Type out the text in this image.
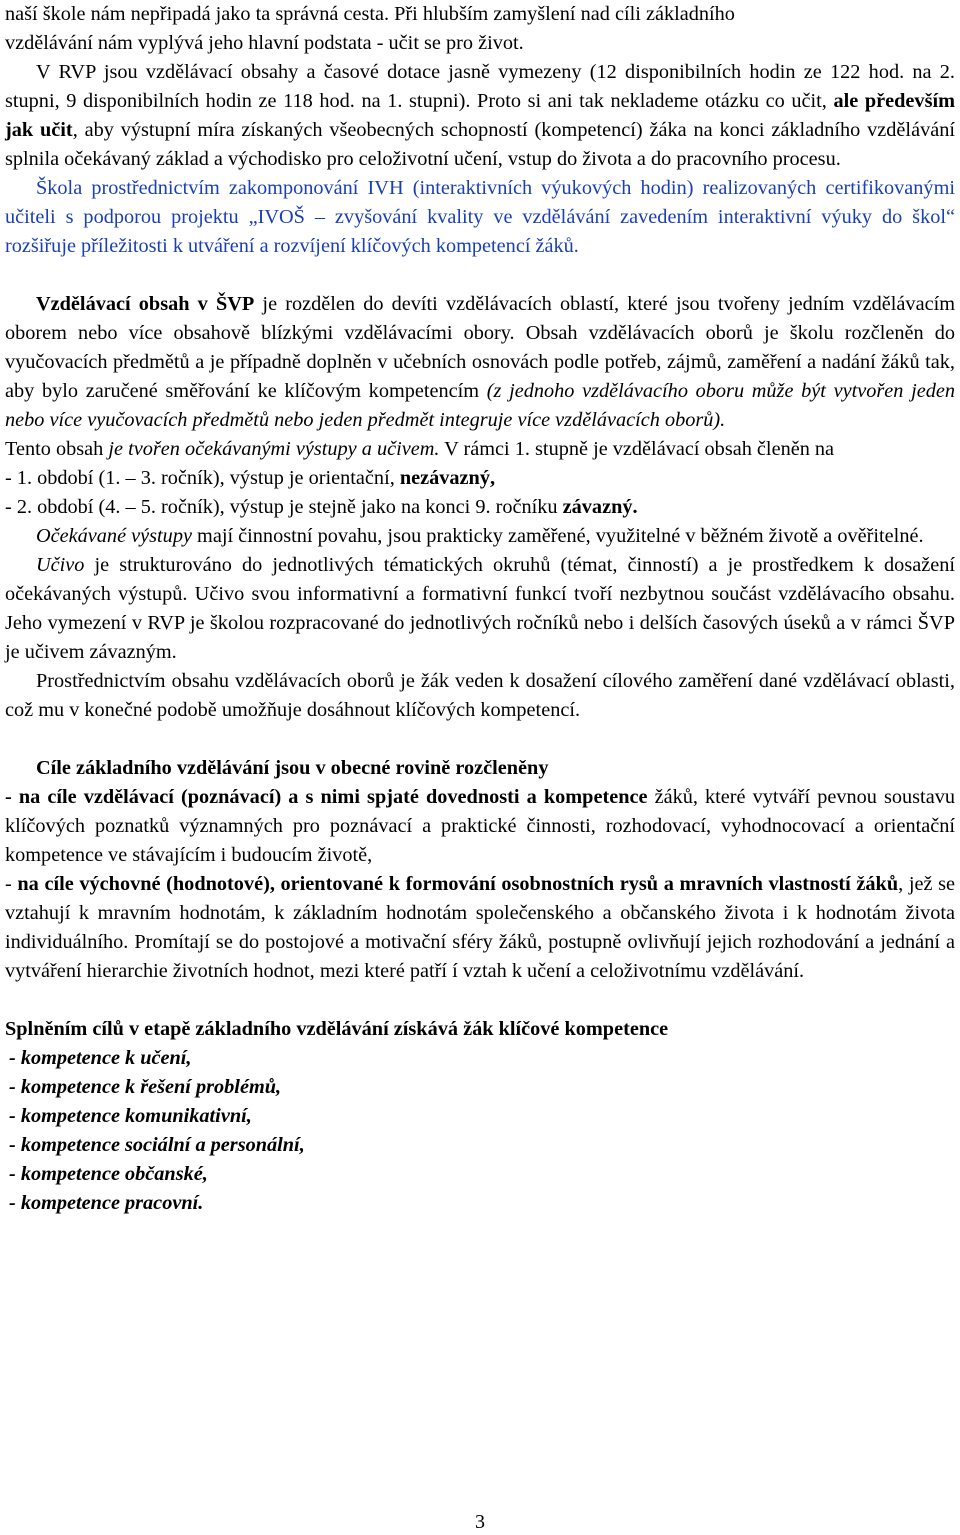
naší škole nám nepřipadá jako ta správná cesta. Při hlubším zamyšlení nad cíli základního

vzdělávání nám vyplývá jeho hlavní podstata - učit se pro život.

V RVP jsou vzdělávací obsahy a časové dotace jasně vymezeny (12 disponibilních hodin ze 122 hod. na 2. stupni, 9 disponibilních hodin ze 118 hod. na 1. stupni). Proto si ani tak neklademe otázku co učit, ale především jak učit, aby výstupní míra získaných všeobecných schopností (kompetencí) žáka na konci základního vzdělávání splnila očekávaný základ a východisko pro celoživotní učení, vstup do života a do pracovního procesu.

Škola prostřednictvím zakomponování IVH (interaktivních výukových hodin) realizovaných certifikovanými učiteli s podporou projektu „IVOŠ – zvyšování kvality ve vzdělávání zavedením interaktivní výuky do škol“ rozšiřuje příležitosti k utváření a rozvíjení klíčových kompetencí žáků.

Vzdělávací obsah v ŠVP je rozdělen do devíti vzdělávacích oblastí, které jsou tvořeny jedním vzdělávacím oborem nebo více obsahově blízkými vzdělávacími obory. Obsah vzdělávacích oborů je školu rozčleněn do vyučovacích předmětů a je případně doplněn v učebních osnovách podle potřeb, zájmů, zaměření a nadání žáků tak, aby bylo zaručené směřování ke klíčovým kompetencím (z jednoho vzdělávacího oboru může být vytvořen jeden nebo více vyučovacích předmětů nebo jeden předmět integruje více vzdělávacích oborů).

Tento obsah je tvořen očekávanými výstupy a učivem. V rámci 1. stupně je vzdělávací obsah členěn na

- 1. období (1. – 3. ročník), výstup je orientační, nezávazný,

- 2. období (4. – 5. ročník), výstup je stejně jako na konci 9. ročníku závazný.

Očekávané výstupy mají činnostní povahu, jsou prakticky zaměřené, využitelné v běžném životě a ověřitelné.

Učivo je strukturováno do jednotlivých tématických okruhů (témat, činností) a je prostředkem k dosažení očekávaných výstupů. Učivo svou informativní a formativní funkcí tvoří nezbytnou součást vzdělávacího obsahu. Jeho vymezení v RVP je školou rozpracované do jednotlivých ročníků nebo i delších časových úseků a v rámci ŠVP je učivem závazným.

Prostřednictvím obsahu vzdělávacích oborů je žák veden k dosažení cílového zaměření dané vzdělávací oblasti, což mu v konečné podobě umožňuje dosáhnout klíčových kompetencí.

Cíle základního vzdělávání jsou v obecné rovině rozčleněny

- na cíle vzdělávací (poznávací) a s nimi spjaté dovednosti a kompetence žáků, které vytváří pevnou soustavu klíčových poznatků významných pro poznávací a praktické činnosti, rozhodovací, vyhodnocovací a orientační kompetence ve stávajícím i budoucím životě,

- na cíle výchovné (hodnotové), orientované k formování osobnostních rysů a mravních vlastností žáků, jež se vztahují k mravním hodnotám, k základním hodnotám společenského a občanského života i k hodnotám života individuálního. Promítají se do postojové a motivační sféry žáků, postupně ovlivňují jejich rozhodování a jednání a vytváření hierarchie životních hodnot, mezi které patří í vztah k učení a celoživotnímu vzdělávání.

Splněním cílů v etapě základního vzdělávání získává žák klíčové kompetence

- kompetence k učení,

- kompetence k řešení problémů,

- kompetence komunikativní,

- kompetence sociální a personální,

- kompetence občanské,

- kompetence pracovní.

3
